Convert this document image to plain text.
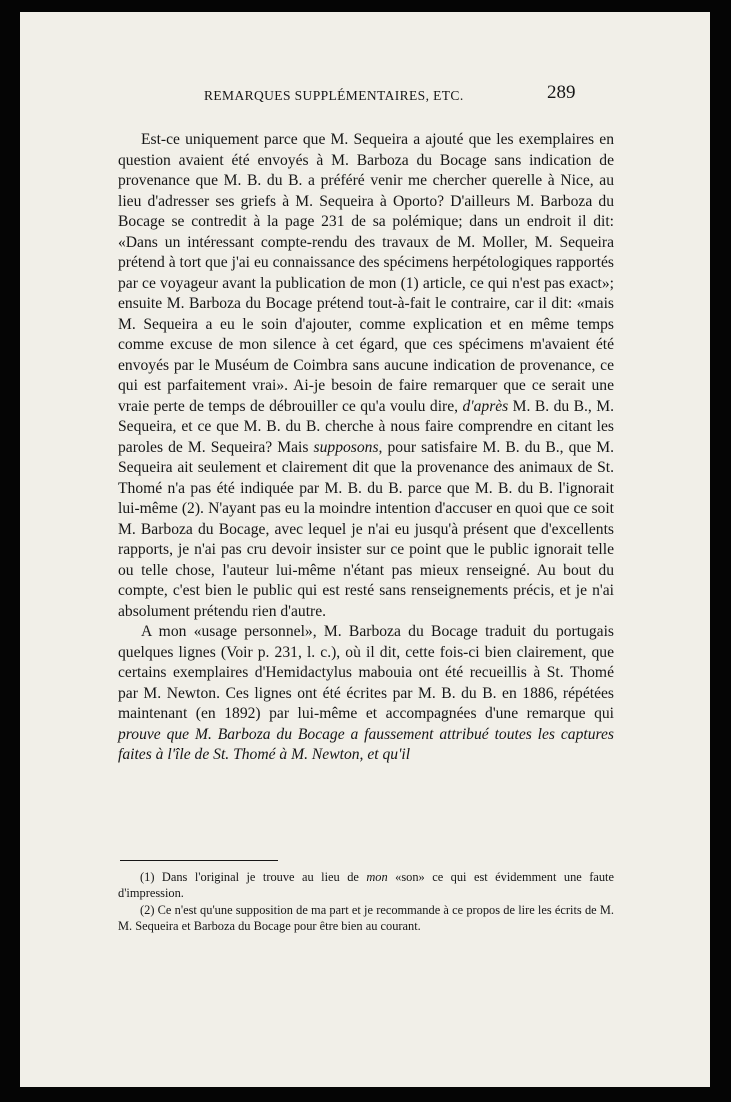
REMARQUES SUPPLÉMENTAIRES, ETC.	289

Est-ce uniquement parce que M. Sequeira a ajouté que les exemplaires en question avaient été envoyés à M. Barboza du Bocage sans indication de provenance que M. B. du B. a préféré venir me chercher querelle à Nice, au lieu d'adresser ses griefs à M. Sequeira à Oporto? D'ailleurs M. Barboza du Bocage se contredit à la page 231 de sa polémique; dans un endroit il dit: «Dans un intéressant compte-rendu des travaux de M. Moller, M. Sequeira prétend à tort que j'ai eu connaissance des spécimens herpétologiques rapportés par ce voyageur avant la publication de mon (1) article, ce qui n'est pas exact»; ensuite M. Barboza du Bocage prétend tout-à-fait le contraire, car il dit: «mais M. Sequeira a eu le soin d'ajouter, comme explication et en même temps comme excuse de mon silence à cet égard, que ces spécimens m'avaient été envoyés par le Muséum de Coimbra sans aucune indication de provenance, ce qui est parfaitement vrai». Ai-je besoin de faire remarquer que ce serait une vraie perte de temps de débrouiller ce qu'a voulu dire, d'après M. B. du B., M. Sequeira, et ce que M. B. du B. cherche à nous faire comprendre en citant les paroles de M. Sequeira? Mais supposons, pour satisfaire M. B. du B., que M. Sequeira ait seulement et clairement dit que la provenance des animaux de St. Thomé n'a pas été indiquée par M. B. du B. parce que M. B. du B. l'ignorait lui-même (2). N'ayant pas eu la moindre intention d'accuser en quoi que ce soit M. Barboza du Bocage, avec lequel je n'ai eu jusqu'à présent que d'excellents rapports, je n'ai pas cru devoir insister sur ce point que le public ignorait telle ou telle chose, l'auteur lui-même n'étant pas mieux renseigné. Au bout du compte, c'est bien le public qui est resté sans renseignements précis, et je n'ai absolument prétendu rien d'autre.

A mon «usage personnel», M. Barboza du Bocage traduit du portugais quelques lignes (Voir p. 231, l. c.), où il dit, cette fois-ci bien clairement, que certains exemplaires d'Hemidactylus mabouia ont été recueillis à St. Thomé par M. Newton. Ces lignes ont été écrites par M. B. du B. en 1886, répétées maintenant (en 1892) par lui-même et accompagnées d'une remarque qui prouve que M. Barboza du Bocage a faussement attribué toutes les captures faites à l'île de St. Thomé à M. Newton, et qu'il

(1) Dans l'original je trouve au lieu de mon «son» ce qui est évidemment une faute d'impression.

(2) Ce n'est qu'une supposition de ma part et je recommande à ce propos de lire les écrits de M. M. Sequeira et Barboza du Bocage pour être bien au courant.
